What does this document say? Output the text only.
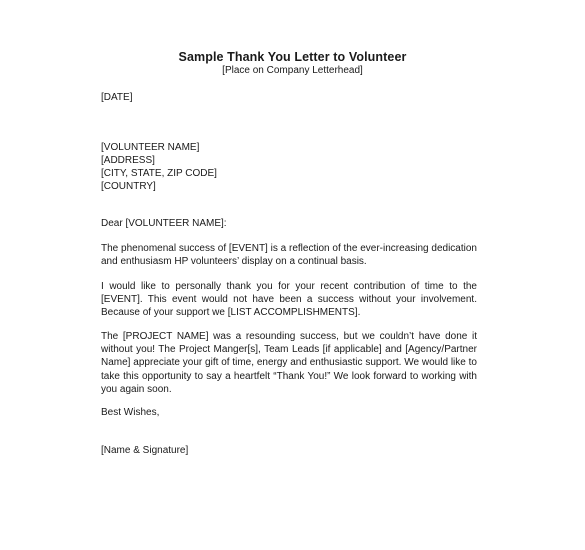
Sample Thank You Letter to Volunteer
[Place on Company Letterhead]
[DATE]
[VOLUNTEER NAME]
[ADDRESS]
[CITY, STATE, ZIP CODE]
[COUNTRY]
Dear [VOLUNTEER NAME]:
The phenomenal success of [EVENT] is a reflection of the ever-increasing dedication and enthusiasm HP volunteers’ display on a continual basis.
I would like to personally thank you for your recent contribution of time to the [EVENT]. This event would not have been a success without your involvement. Because of your support we [LIST ACCOMPLISHMENTS].
The [PROJECT NAME] was a resounding success, but we couldn’t have done it without you! The Project Manger[s], Team Leads [if applicable] and [Agency/Partner Name] appreciate your gift of time, energy and enthusiastic support. We would like to take this opportunity to say a heartfelt “Thank You!” We look forward to working with you again soon.
Best Wishes,
[Name & Signature]
